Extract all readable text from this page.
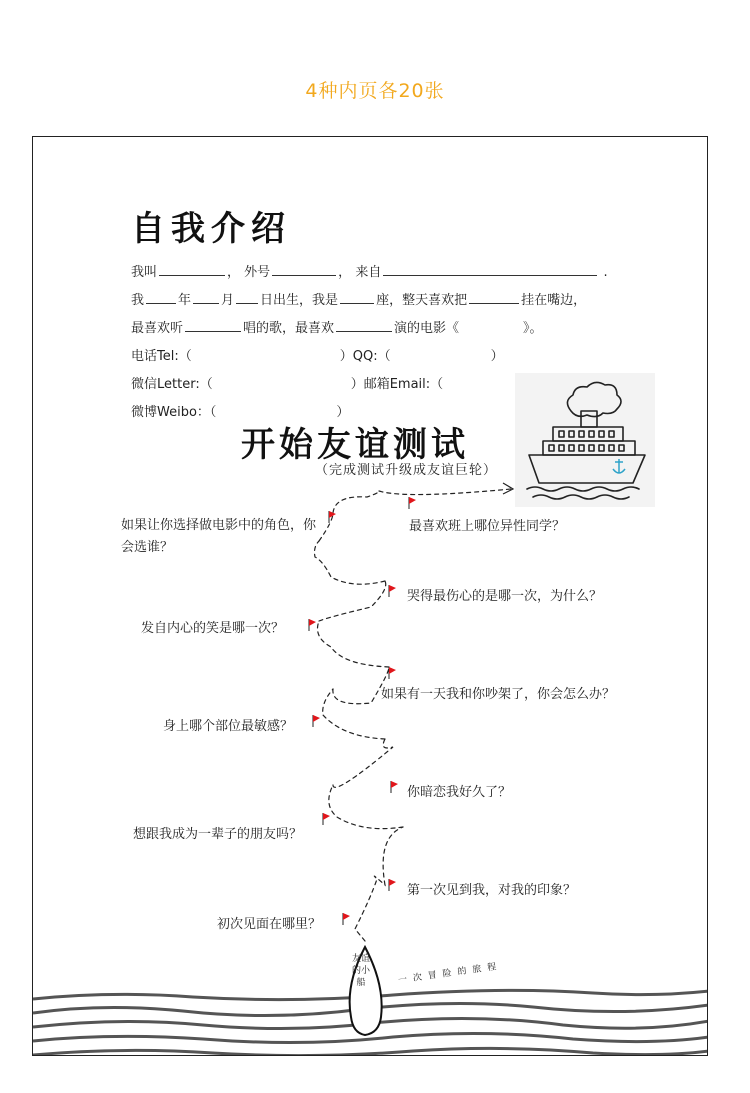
4种内页各20张
自我介绍
我叫	， 外号	， 来自	.
我	年 月 日出生，我是	座，整天喜欢把	挂在嘴边，
最喜欢听	唱的歌，最喜欢	演的电影《	》。
电话Tel:（	）QQ:（	）
微信Letter:（	）邮箱Email:（
微博Weibo：（	）
开始友谊测试
（完成测试升级成友谊巨轮）
友谊的小船	一次冒险的旅程
如果让你选择做电影中的角色，你会选谁？
最喜欢班上哪位异性同学？
哭得最伤心的是哪一次，为什么？
发自内心的笑是哪一次？
如果有一天我和你吵架了，你会怎么办？
身上哪个部位最敏感？
你暗恋我好久了？
想跟我成为一辈子的朋友吗？
第一次见到我，对我的印象？
初次见面在哪里？
